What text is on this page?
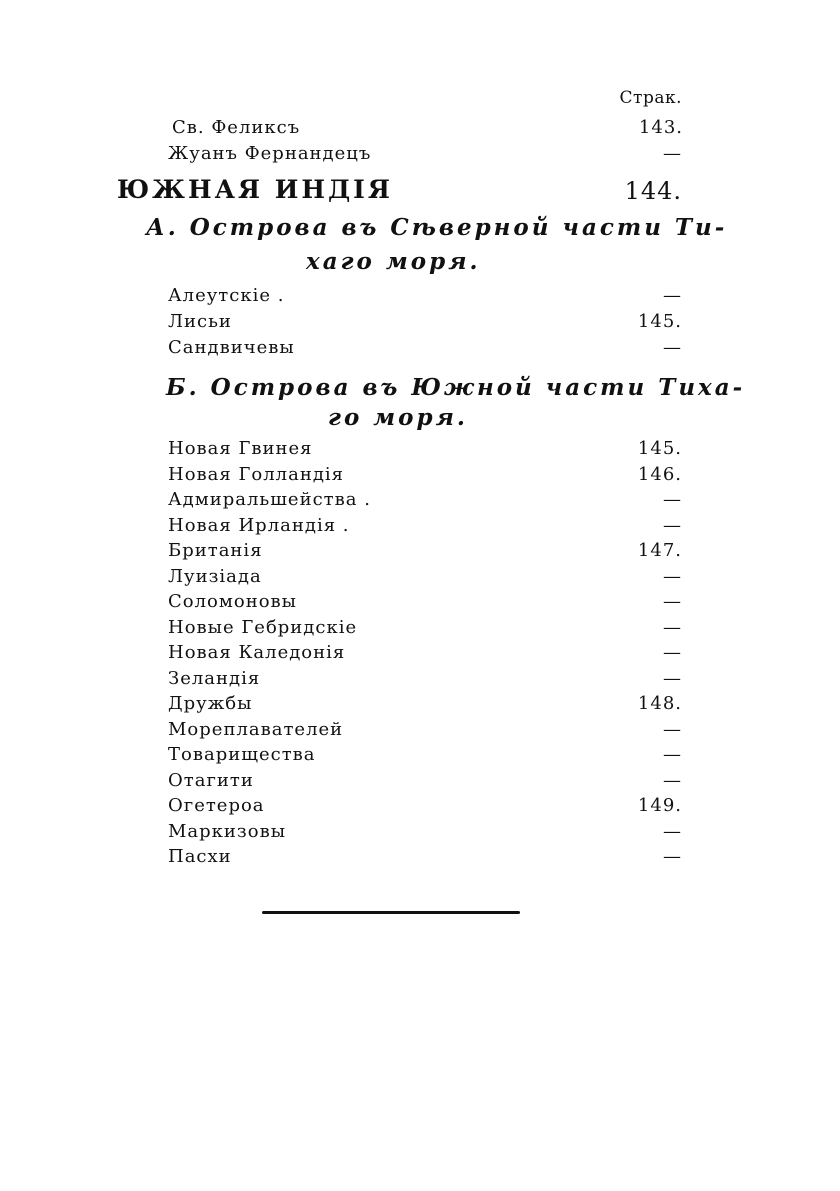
Страк.
Св. Феликсъ	143.
Жуанъ Фернандецъ	—
ЮЖНАЯ ИНДІЯ	144.
А. Острова въ Сѣверной части Ти-
хаго моря.
Алеутскіе .	—
Лисьи	145.
Сандвичевы	—
Б. Острова въ Южной части Тиха-
го моря.
Новая Гвинея	145.
Новая Голландія	146.
Адмиральшейства .	—
Новая Ирландія .	—
Британія	147.
Луизіада	—
Соломоновы	—
Новые Гебридскіе	—
Новая Каледонія	—
Зеландія	—
Дружбы	148.
Мореплавателей	—
Товарищества	—
Отагити	—
Огетероа	149.
Маркизовы	—
Пасхи	—
